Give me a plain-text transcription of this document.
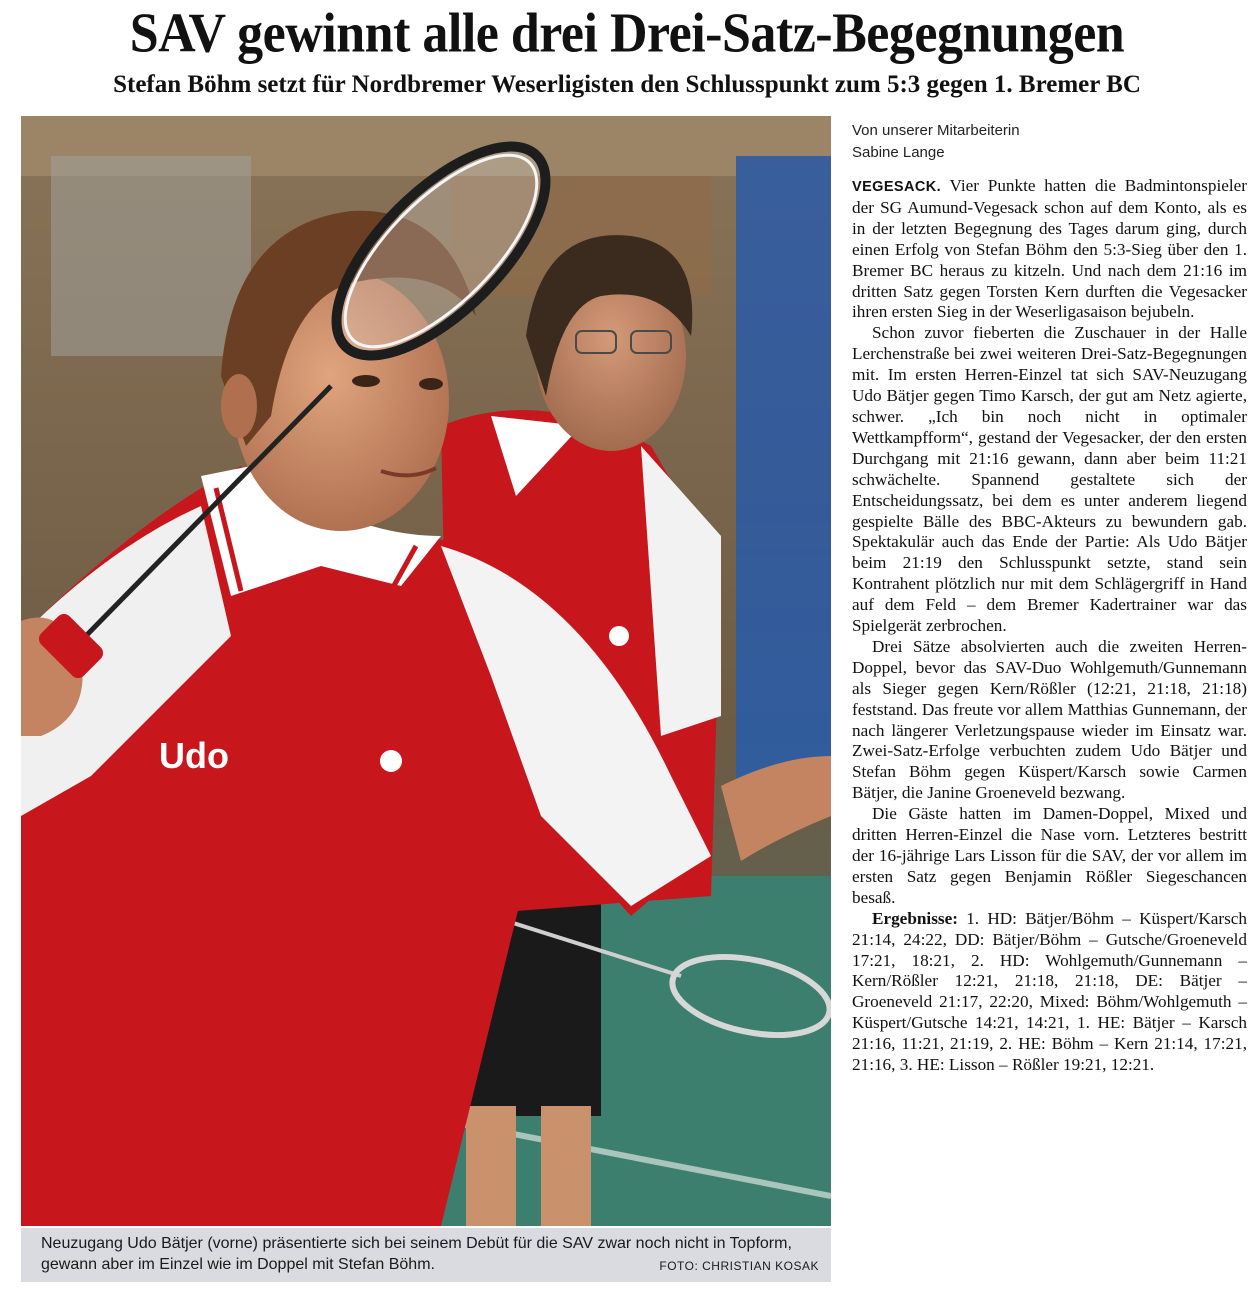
SAV gewinnt alle drei Drei-Satz-Begegnungen
Stefan Böhm setzt für Nordbremer Weserligisten den Schlusspunkt zum 5:3 gegen 1. Bremer BC
Udo
Neuzugang Udo Bätjer (vorne) präsentierte sich bei seinem Debüt für die SAV zwar noch nicht in Topform, gewann aber im Einzel wie im Doppel mit Stefan Böhm.	FOTO: CHRISTIAN KOSAK
Von unserer Mitarbeiterin
Sabine Lange

VEGESACK. Vier Punkte hatten die Badmintonspieler der SG Aumund-Vegesack schon auf dem Konto, als es in der letzten Begegnung des Tages darum ging, durch einen Erfolg von Stefan Böhm den 5:3-Sieg über den 1. Bremer BC heraus zu kitzeln. Und nach dem 21:16 im dritten Satz gegen Torsten Kern durften die Vegesacker ihren ersten Sieg in der Weserligasaison bejubeln.

Schon zuvor fieberten die Zuschauer in der Halle Lerchenstraße bei zwei weiteren Drei-Satz-Begegnungen mit. Im ersten Herren-Einzel tat sich SAV-Neuzugang Udo Bätjer gegen Timo Karsch, der gut am Netz agierte, schwer. „Ich bin noch nicht in optimaler Wettkampfform“, gestand der Vegesacker, der den ersten Durchgang mit 21:16 gewann, dann aber beim 11:21 schwächelte. Spannend gestaltete sich der Entscheidungssatz, bei dem es unter anderem liegend gespielte Bälle des BBC-Akteurs zu bewundern gab. Spektakulär auch das Ende der Partie: Als Udo Bätjer beim 21:19 den Schlusspunkt setzte, stand sein Kontrahent plötzlich nur mit dem Schlägergriff in Hand auf dem Feld – dem Bremer Kadertrainer war das Spielgerät zerbrochen.

Drei Sätze absolvierten auch die zweiten Herren-Doppel, bevor das SAV-Duo Wohlgemuth/Gunnemann als Sieger gegen Kern/Rößler (12:21, 21:18, 21:18) feststand. Das freute vor allem Matthias Gunnemann, der nach längerer Verletzungspause wieder im Einsatz war. Zwei-Satz-Erfolge verbuchten zudem Udo Bätjer und Stefan Böhm gegen Küspert/Karsch sowie Carmen Bätjer, die Janine Groeneveld bezwang.

Die Gäste hatten im Damen-Doppel, Mixed und dritten Herren-Einzel die Nase vorn. Letzteres bestritt der 16-jährige Lars Lisson für die SAV, der vor allem im ersten Satz gegen Benjamin Rößler Siegeschancen besaß.

Ergebnisse: 1. HD: Bätjer/Böhm – Küspert/Karsch 21:14, 24:22, DD: Bätjer/Böhm – Gutsche/Groeneveld 17:21, 18:21, 2. HD: Wohlgemuth/Gunnemann – Kern/Rößler 12:21, 21:18, 21:18, DE: Bätjer – Groeneveld 21:17, 22:20, Mixed: Böhm/Wohlgemuth – Küspert/Gutsche 14:21, 14:21, 1. HE: Bätjer – Karsch 21:16, 11:21, 21:19, 2. HE: Böhm – Kern 21:14, 17:21, 21:16, 3. HE: Lisson – Rößler 19:21, 12:21.
